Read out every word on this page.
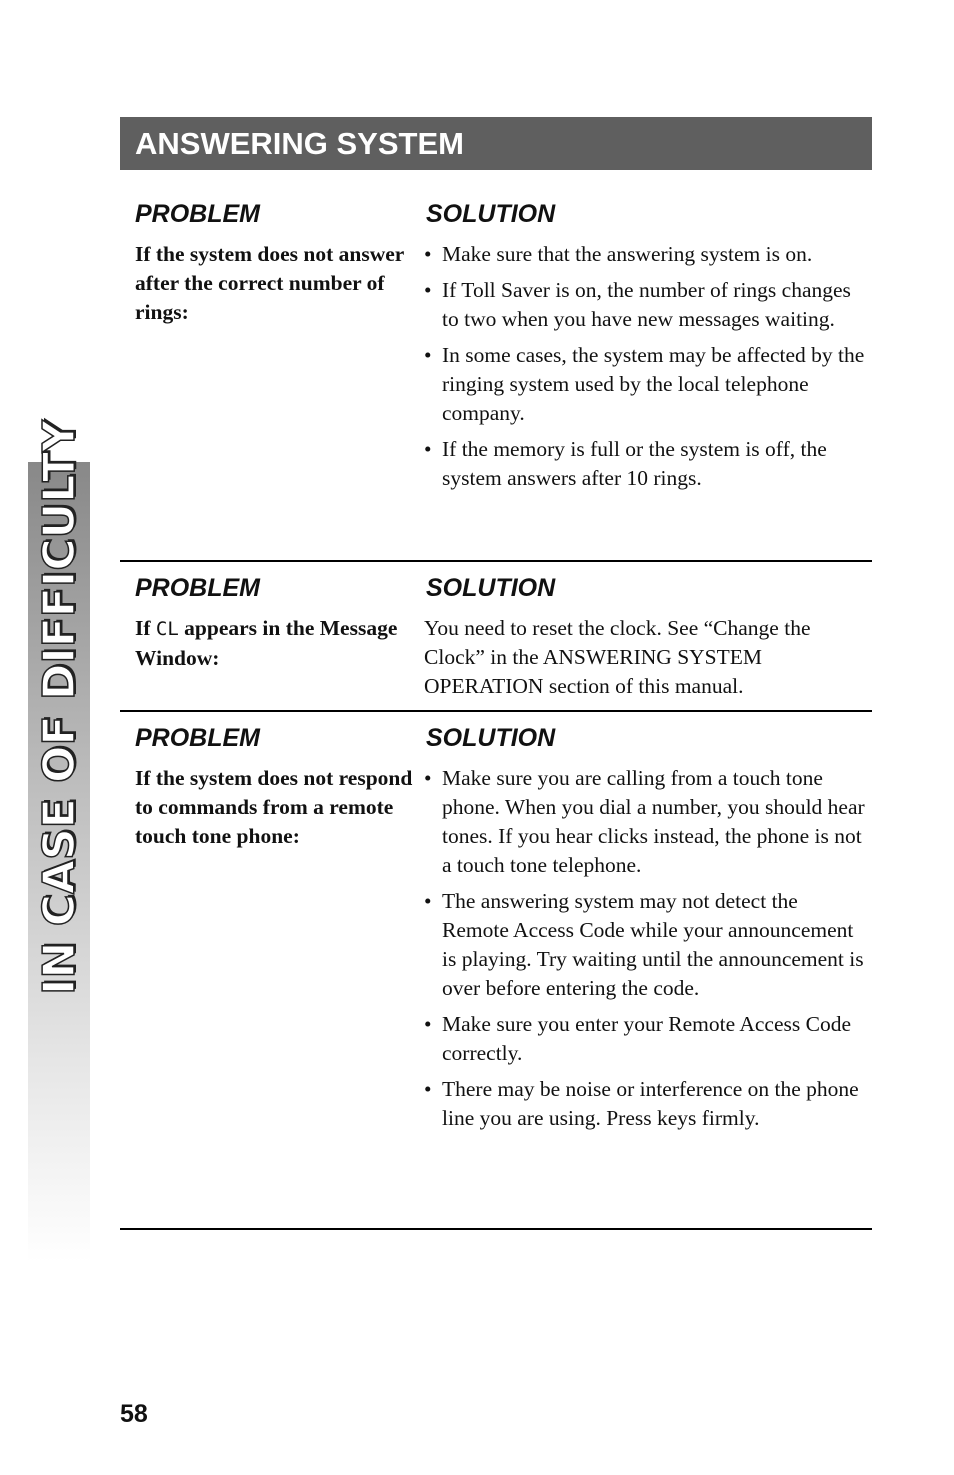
IN CASE OF DIFFICULTY
ANSWERING SYSTEM
PROBLEM	SOLUTION
If the system does not answer after the correct number of rings:
• Make sure that the answering system is on.
• If Toll Saver is on, the number of rings changes to two when you have new messages waiting.
• In some cases, the system may be affected by the ringing system used by the local telephone company.
• If the memory is full or the system is off, the system answers after 10 rings.
PROBLEM	SOLUTION
If CL appears in the Message Window:
You need to reset the clock. See “Change the Clock” in the ANSWERING SYSTEM OPERATION section of this manual.
PROBLEM	SOLUTION
If the system does not respond to commands from a remote touch tone phone:
• Make sure you are calling from a touch tone phone. When you dial a number, you should hear tones. If you hear clicks instead, the phone is not a touch tone telephone.
• The answering system may not detect the Remote Access Code while your announcement is playing. Try waiting until the announcement is over before entering the code.
• Make sure you enter your Remote Access Code correctly.
• There may be noise or interference on the phone line you are using. Press keys firmly.
58
